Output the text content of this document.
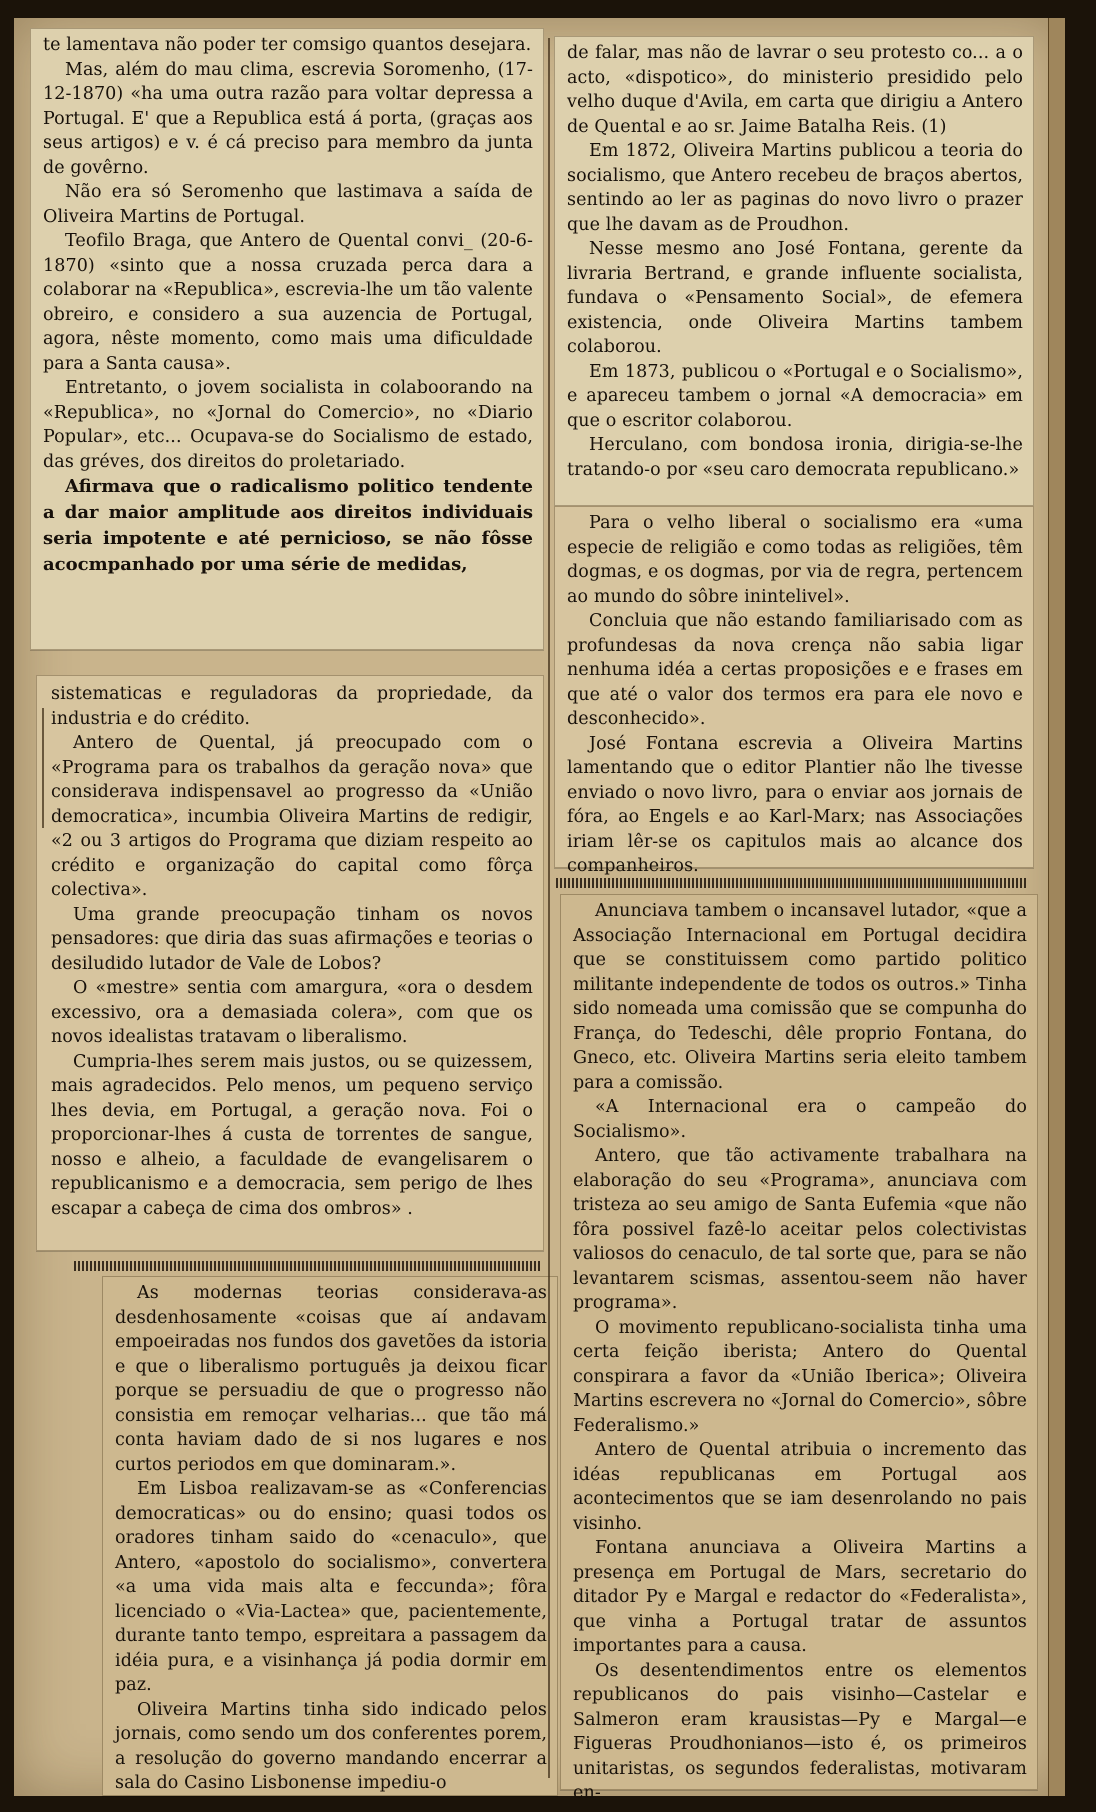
te lamentava não poder ter comsigo quantos desejara.

Mas, além do mau clima, escrevia Soromenho, (17-12-1870) «ha uma outra razão para voltar depressa a Portugal. E' que a Republica está á porta, (graças aos seus artigos) e v. é cá preciso para membro da junta de govêrno.

Não era só Seromenho que lastimava a saída de Oliveira Martins de Portugal.

Teofilo Braga, que Antero de Quental convi_ (20-6-1870) «sinto que a nossa cruzada perca dara a colaborar na «Republica», escrevia-lhe um tão valente obreiro, e considero a sua auzencia de Portugal, agora, nêste momento, como mais uma dificuldade para a Santa causa».

Entretanto, o jovem socialista in colaboorando na «Republica», no «Jornal do Comercio», no «Diario Popular», etc... Ocupava-se do Socialismo de estado, das gréves, dos direitos do proletariado.

Afirmava que o radicalismo politico tendente a dar maior amplitude aos direitos individuais seria impotente e até pernicioso, se não fôsse acocmpanhado por uma série de medidas,

sistematicas e reguladoras da propriedade, da industria e do crédito.

Antero de Quental, já preocupado com o «Programa para os trabalhos da geração nova» que considerava indispensavel ao progresso da «União democratica», incumbia Oliveira Martins de redigir, «2 ou 3 artigos do Programa que diziam respeito ao crédito e organização do capital como fôrça colectiva».

Uma grande preocupação tinham os novos pensadores: que diria das suas afirmações e teorias o desiludido lutador de Vale de Lobos?

O «mestre» sentia com amargura, «ora o desdem excessivo, ora a demasiada colera», com que os novos idealistas tratavam o liberalismo.

Cumpria-lhes serem mais justos, ou se quizessem, mais agradecidos. Pelo menos, um pequeno serviço lhes devia, em Portugal, a geração nova. Foi o proporcionar-lhes á custa de torrentes de sangue, nosso e alheio, a faculdade de evangelisarem o republicanismo e a democracia, sem perigo de lhes escapar a cabeça de cima dos ombros» .

As modernas teorias considerava-as desdenhosamente «coisas que aí andavam empoeiradas nos fundos dos gavetões da istoria e que o liberalismo português ja deixou ficar porque se persuadiu de que o progresso não consistia em remoçar velharias... que tão má conta haviam dado de si nos lugares e nos curtos periodos em que dominaram.».

Em Lisboa realizavam-se as «Conferencias democraticas» ou do ensino; quasi todos os oradores tinham saido do «cenaculo», que Antero, «apostolo do socialismo», convertera «a uma vida mais alta e feccunda»; fôra licenciado o «Via-Lactea» que, pacientemente, durante tanto tempo, espreitara a passagem da idéia pura, e a visinhança já podia dormir em paz.

Oliveira Martins tinha sido indicado pelos jornais, como sendo um dos conferentes porem, a resolução do governo mandando encerrar a sala do Casino Lisbonense impediu-o

de falar, mas não de lavrar o seu protesto co... a o acto, «dispotico», do ministerio presidido pelo velho duque d'Avila, em carta que dirigiu a Antero de Quental e ao sr. Jaime Batalha Reis. (1)

Em 1872, Oliveira Martins publicou a teoria do socialismo, que Antero recebeu de braços abertos, sentindo ao ler as paginas do novo livro o prazer que lhe davam as de Proudhon.

Nesse mesmo ano José Fontana, gerente da livraria Bertrand, e grande influente socialista, fundava o «Pensamento Social», de efemera existencia, onde Oliveira Martins tambem colaborou.

Em 1873, publicou o «Portugal e o Socialismo», e apareceu tambem o jornal «A democracia» em que o escritor colaborou.

Herculano, com bondosa ironia, dirigia-se-lhe tratando-o por «seu caro democrata republicano.»

Para o velho liberal o socialismo era «uma especie de religião e como todas as religiões, têm dogmas, e os dogmas, por via de regra, pertencem ao mundo do sôbre inintelivel».

Concluia que não estando familiarisado com as profundesas da nova crença não sabia ligar nenhuma idéa a certas proposições e e frases em que até o valor dos termos era para ele novo e desconhecido».

José Fontana escrevia a Oliveira Martins lamentando que o editor Plantier não lhe tivesse enviado o novo livro, para o enviar aos jornais de fóra, ao Engels e ao Karl-Marx; nas Associações iriam lêr-se os capitulos mais ao alcance dos companheiros.

Anunciava tambem o incansavel lutador, «que a Associação Internacional em Portugal decidira que se constituissem como partido politico militante independente de todos os outros.» Tinha sido nomeada uma comissão que se compunha do França, do Tedeschi, dêle proprio Fontana, do Gneco, etc. Oliveira Martins seria eleito tambem para a comissão.

«A Internacional era o campeão do Socialismo».

Antero, que tão activamente trabalhara na elaboração do seu «Programa», anunciava com tristeza ao seu amigo de Santa Eufemia «que não fôra possivel fazê-lo aceitar pelos colectivistas valiosos do cenaculo, de tal sorte que, para se não levantarem scismas, assentou-seem não haver programa».

O movimento republicano-socialista tinha uma certa feição iberista; Antero do Quental conspirara a favor da «União Iberica»; Oliveira Martins escrevera no «Jornal do Comercio», sôbre Federalismo.»

Antero de Quental atribuia o incremento das idéas republicanas em Portugal aos acontecimentos que se iam desenrolando no pais visinho.

Fontana anunciava a Oliveira Martins a presença em Portugal de Mars, secretario do ditador Py e Margal e redactor do «Federalista», que vinha a Portugal tratar de assuntos importantes para a causa.

Os desentendimentos entre os elementos republicanos do pais visinho—Castelar e Salmeron eram krausistas—Py e Margal—e Figueras Proudhonianos—isto é, os primeiros unitaristas, os segundos federalistas, motivaram en-
